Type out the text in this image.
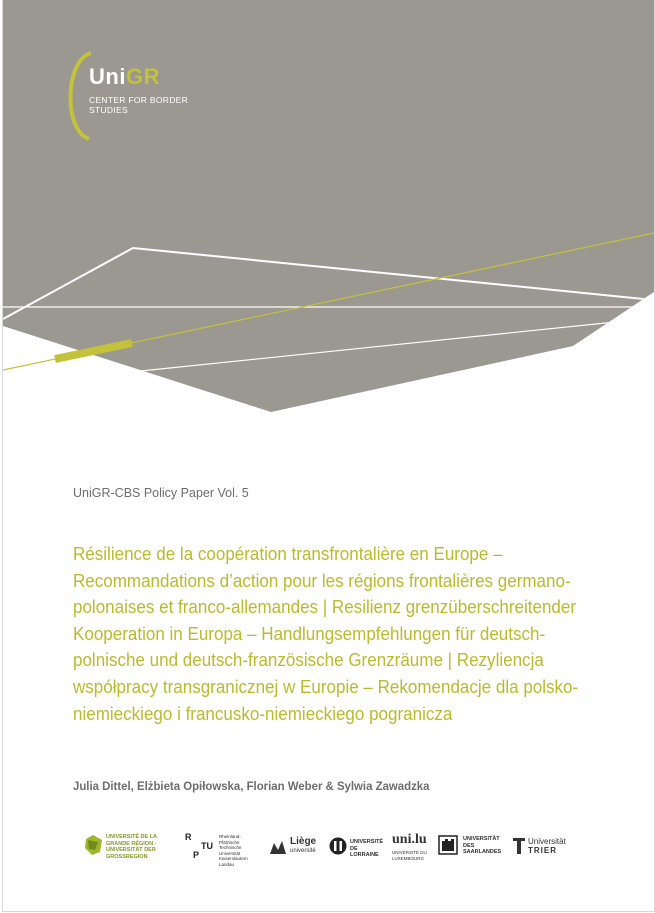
UniGR
CENTER FOR BORDER STUDIES
UniGR-CBS Policy Paper Vol. 5
Résilience de la coopération transfrontalière en Europe – Recommandations d’action pour les régions frontalières germano-polonaises et franco-allemandes | Resilienz grenzüberschreitender Kooperation in Europa – Handlungsempfehlungen für deutsch-polnische und deutsch-französische Grenzräume | Rezyliencja współpracy transgranicznej w Europie – Rekomendacje dla polsko-niemieckiego i francusko-niemieckiego pogranicza
Julia Dittel, Elżbieta Opiłowska, Florian Weber & Sylwia Zawadzka
UNIVERSITÉ DE LA GRANDE RÉGION · UNIVERSITÄT DER GROSSREGION
R
P
TU
Rheinland-Pfälzische Technische Universität Kaiserslautern Landau
Liège
université
UNIVERSITÉ DE LORRAINE
uni.lu
UNIVERSITÉ DU LUXEMBOURG
UNIVERSITÄT DES SAARLANDES
Universität
TRIER
